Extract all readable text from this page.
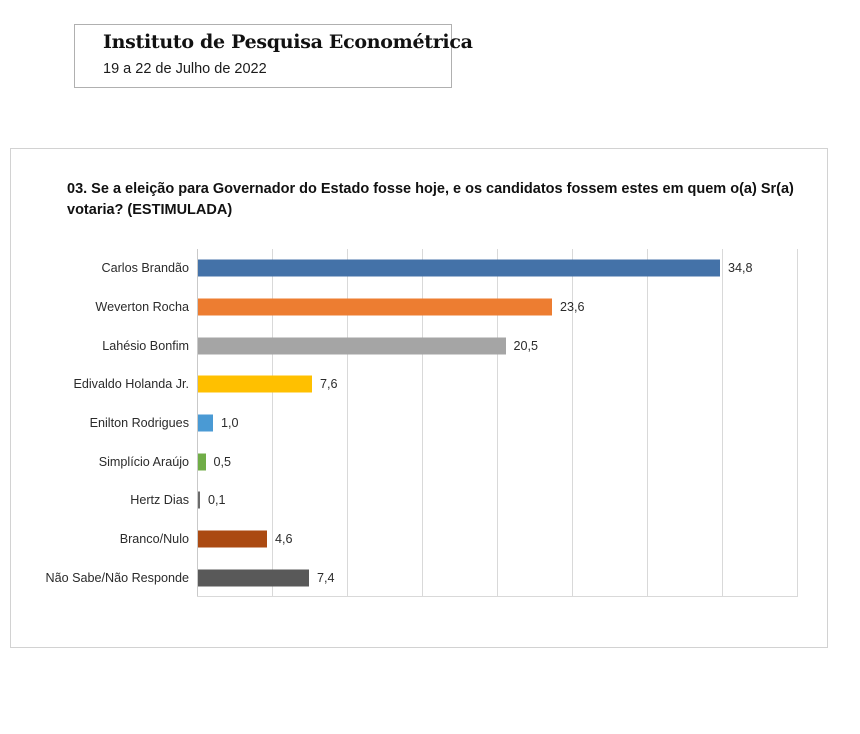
Instituto de Pesquisa Econométrica
19 a 22 de Julho de 2022
03. Se a eleição para Governador do Estado fosse hoje, e os candidatos fossem estes em quem o(a) Sr(a) votaria? (ESTIMULADA)
Carlos Brandão	34,8
Weverton Rocha	23,6
Lahésio Bonfim	20,5
Edivaldo Holanda Jr.	7,6
Enilton Rodrigues	1,0
Simplício Araújo 0,5
Hertz Dias 0,1
Branco/Nulo	4,6
Não Sabe/Não Responde	7,4
